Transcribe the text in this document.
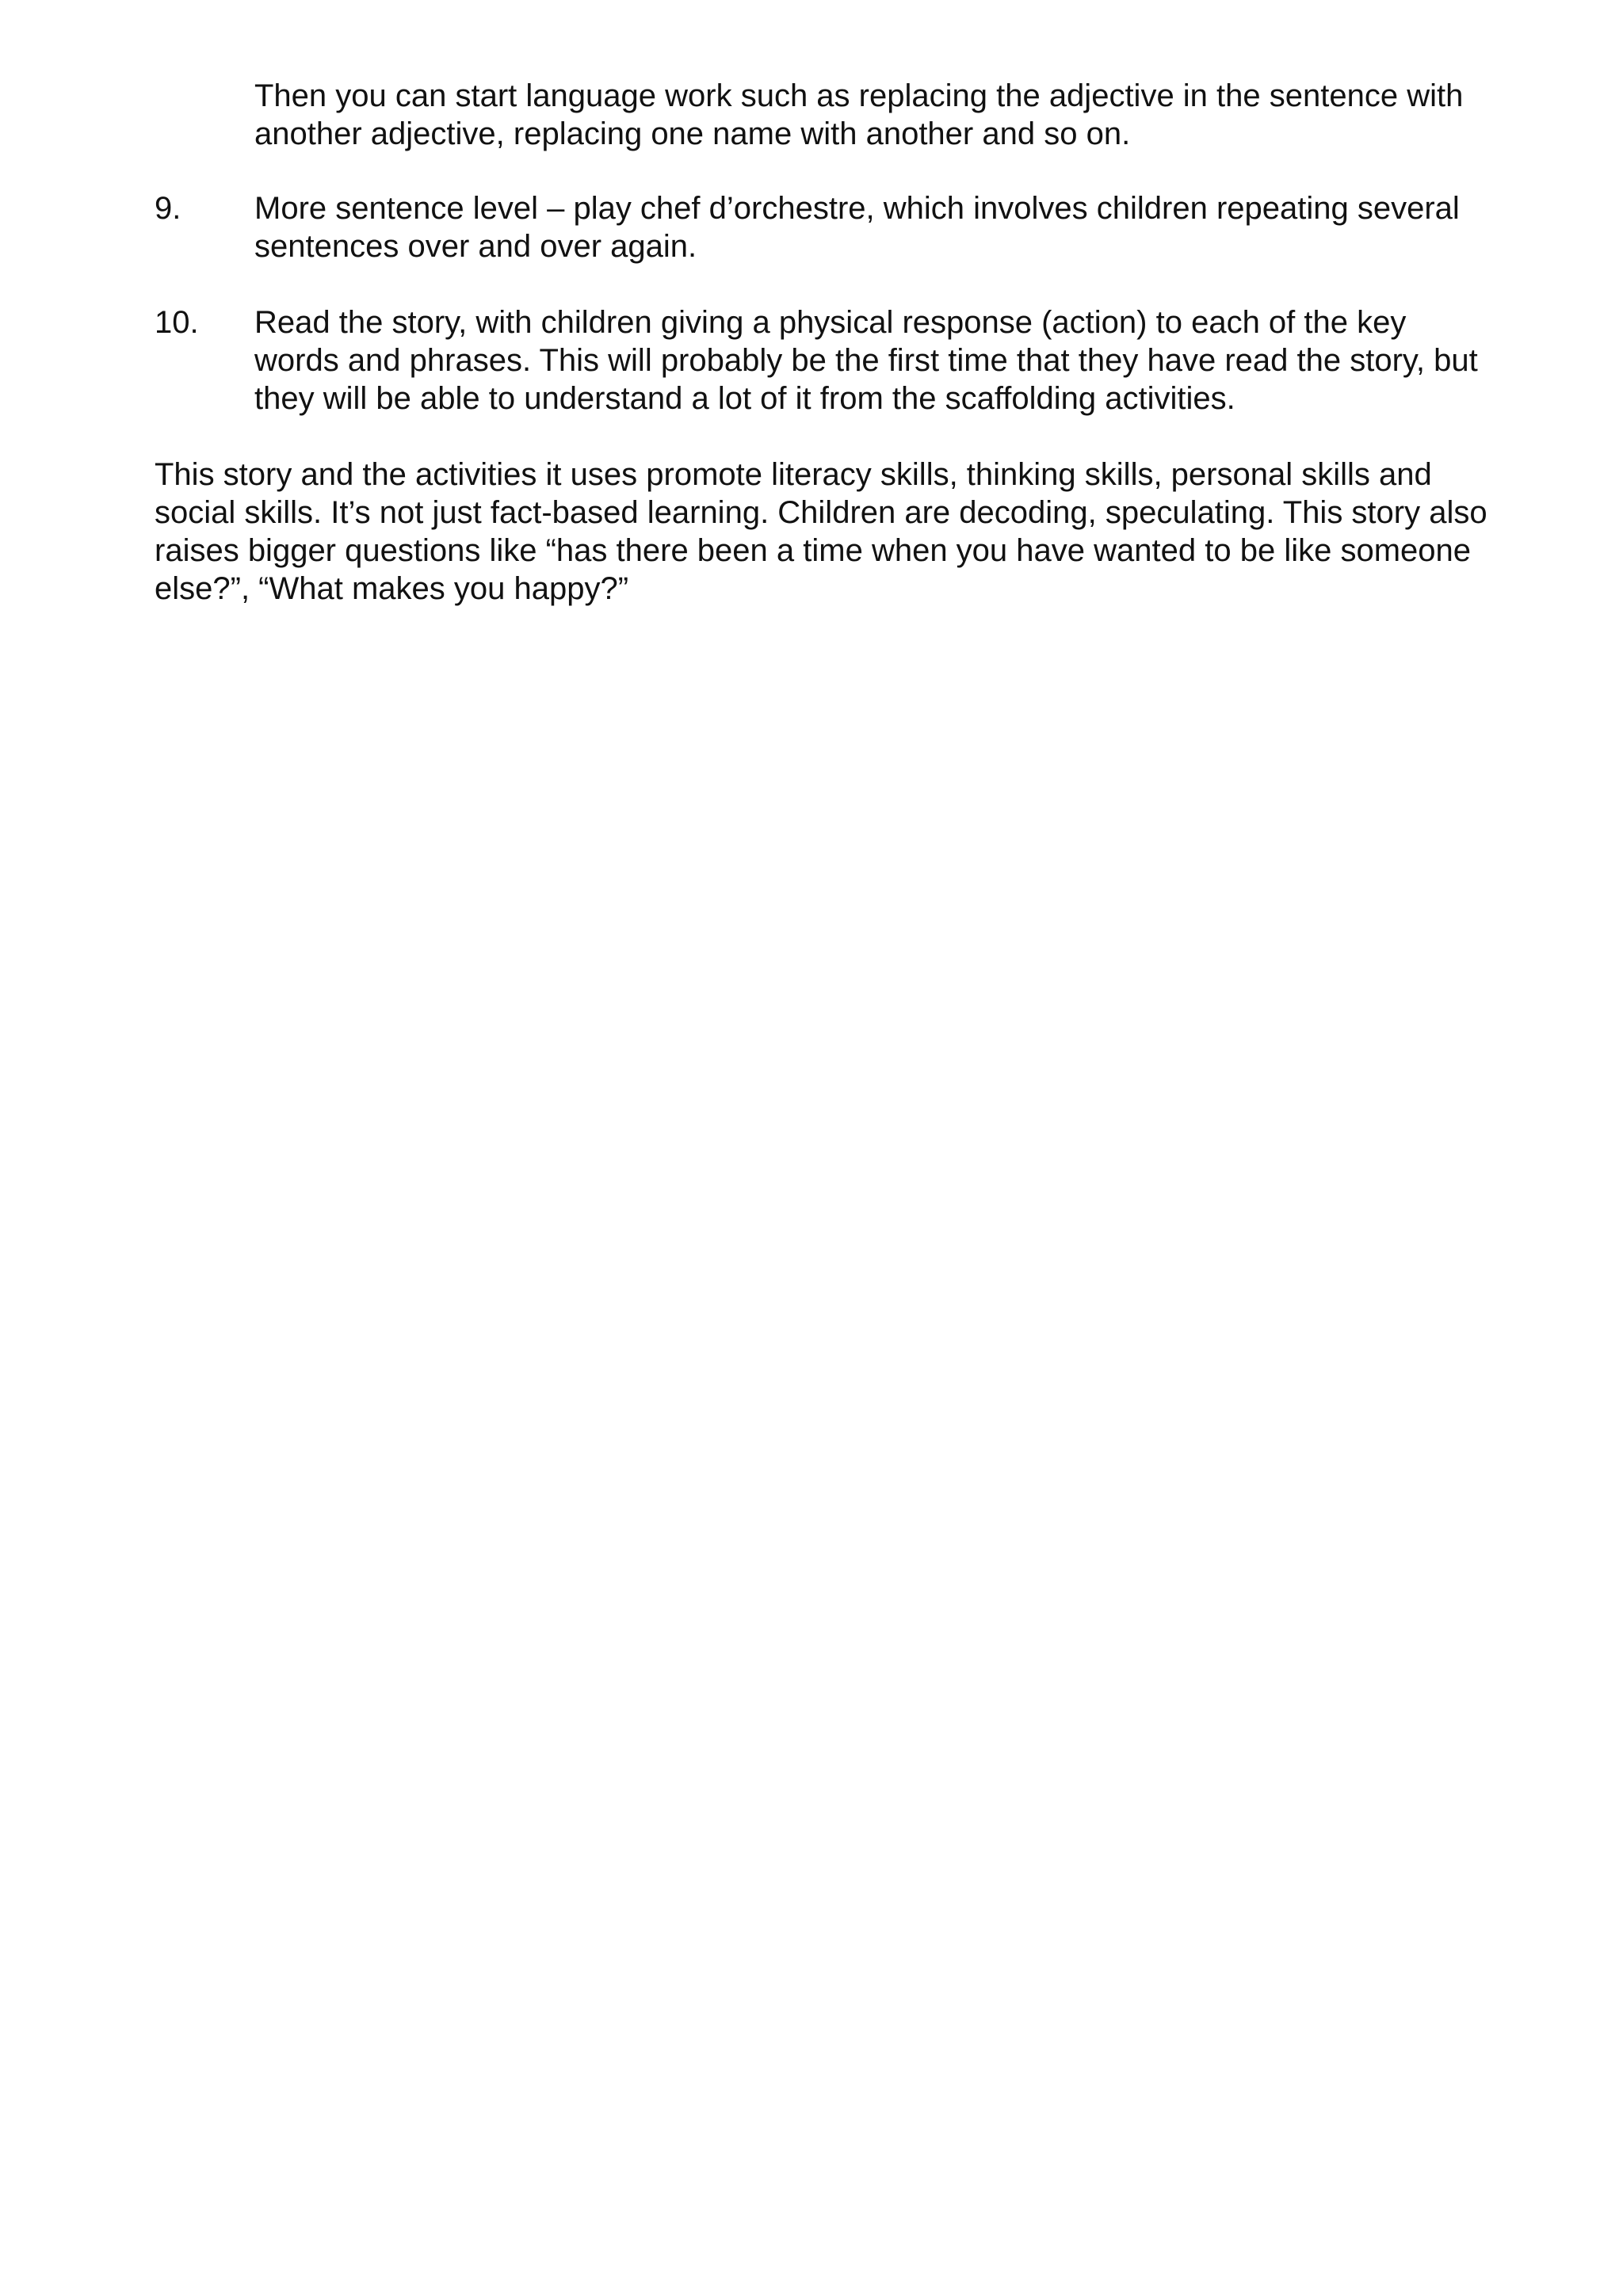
Then you can start language work such as replacing the adjective in the sentence with another adjective, replacing one name with another and so on.

9.	More sentence level – play chef d’orchestre, which involves children repeating several sentences over and over again.

10.	Read the story, with children giving a physical response (action) to each of the key words and phrases. This will probably be the first time that they have read the story, but they will be able to understand a lot of it from the scaffolding activities.

This story and the activities it uses promote literacy skills, thinking skills, personal skills and social skills. It’s not just fact-based learning. Children are decoding, speculating. This story also raises bigger questions like “has there been a time when you have wanted to be like someone else?”, “What makes you happy?”
